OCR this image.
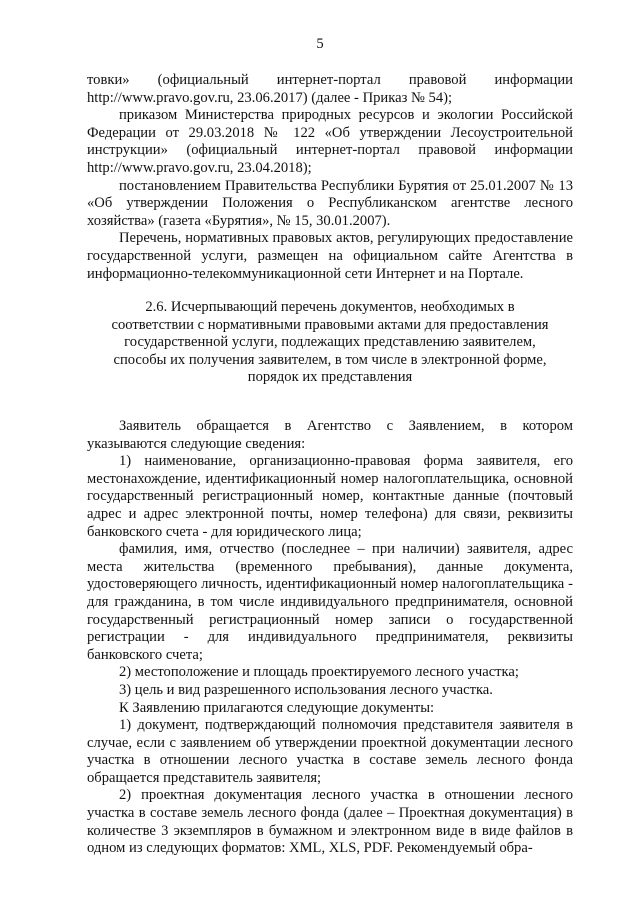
5

товки» (официальный интернет-портал правовой информации http://www.pravo.gov.ru, 23.06.2017) (далее - Приказ № 54);

приказом Министерства природных ресурсов и экологии Российской Федерации от 29.03.2018 № 122 «Об утверждении Лесоустроительной инструкции» (официальный интернет-портал правовой информации http://www.pravo.gov.ru, 23.04.2018);

постановлением Правительства Республики Бурятия от 25.01.2007 № 13 «Об утверждении Положения о Республиканском агентстве лесного хозяйства» (газета «Бурятия», № 15, 30.01.2007).

Перечень, нормативных правовых актов, регулирующих предоставление государственной услуги, размещен на официальном сайте Агентства в информационно-телекоммуникационной сети Интернет и на Портале.

2.6. Исчерпывающий перечень документов, необходимых в
соответствии с нормативными правовыми актами для предоставления
государственной услуги, подлежащих представлению заявителем,
способы их получения заявителем, в том числе в электронной форме,
порядок их представления

Заявитель обращается в Агентство с Заявлением, в котором указываются следующие сведения:

1) наименование, организационно-правовая форма заявителя, его местонахождение, идентификационный номер налогоплательщика, основной государственный регистрационный номер, контактные данные (почтовый адрес и адрес электронной почты, номер телефона) для связи, реквизиты банковского счета - для юридического лица;

фамилия, имя, отчество (последнее – при наличии) заявителя, адрес места жительства (временного пребывания), данные документа, удостоверяющего личность, идентификационный номер налогоплательщика - для гражданина, в том числе индивидуального предпринимателя, основной государственный регистрационный номер записи о государственной регистрации - для индивидуального предпринимателя, реквизиты банковского счета;

2) местоположение и площадь проектируемого лесного участка;

3) цель и вид разрешенного использования лесного участка.

К Заявлению прилагаются следующие документы:

1) документ, подтверждающий полномочия представителя заявителя в случае, если с заявлением об утверждении проектной документации лесного участка в отношении лесного участка в составе земель лесного фонда обращается представитель заявителя;

2) проектная документация лесного участка в отношении лесного участка в составе земель лесного фонда (далее – Проектная документация) в количестве 3 экземпляров в бумажном и электронном виде в виде файлов в одном из следующих форматов: XML, XLS, PDF. Рекомендуемый обра-
